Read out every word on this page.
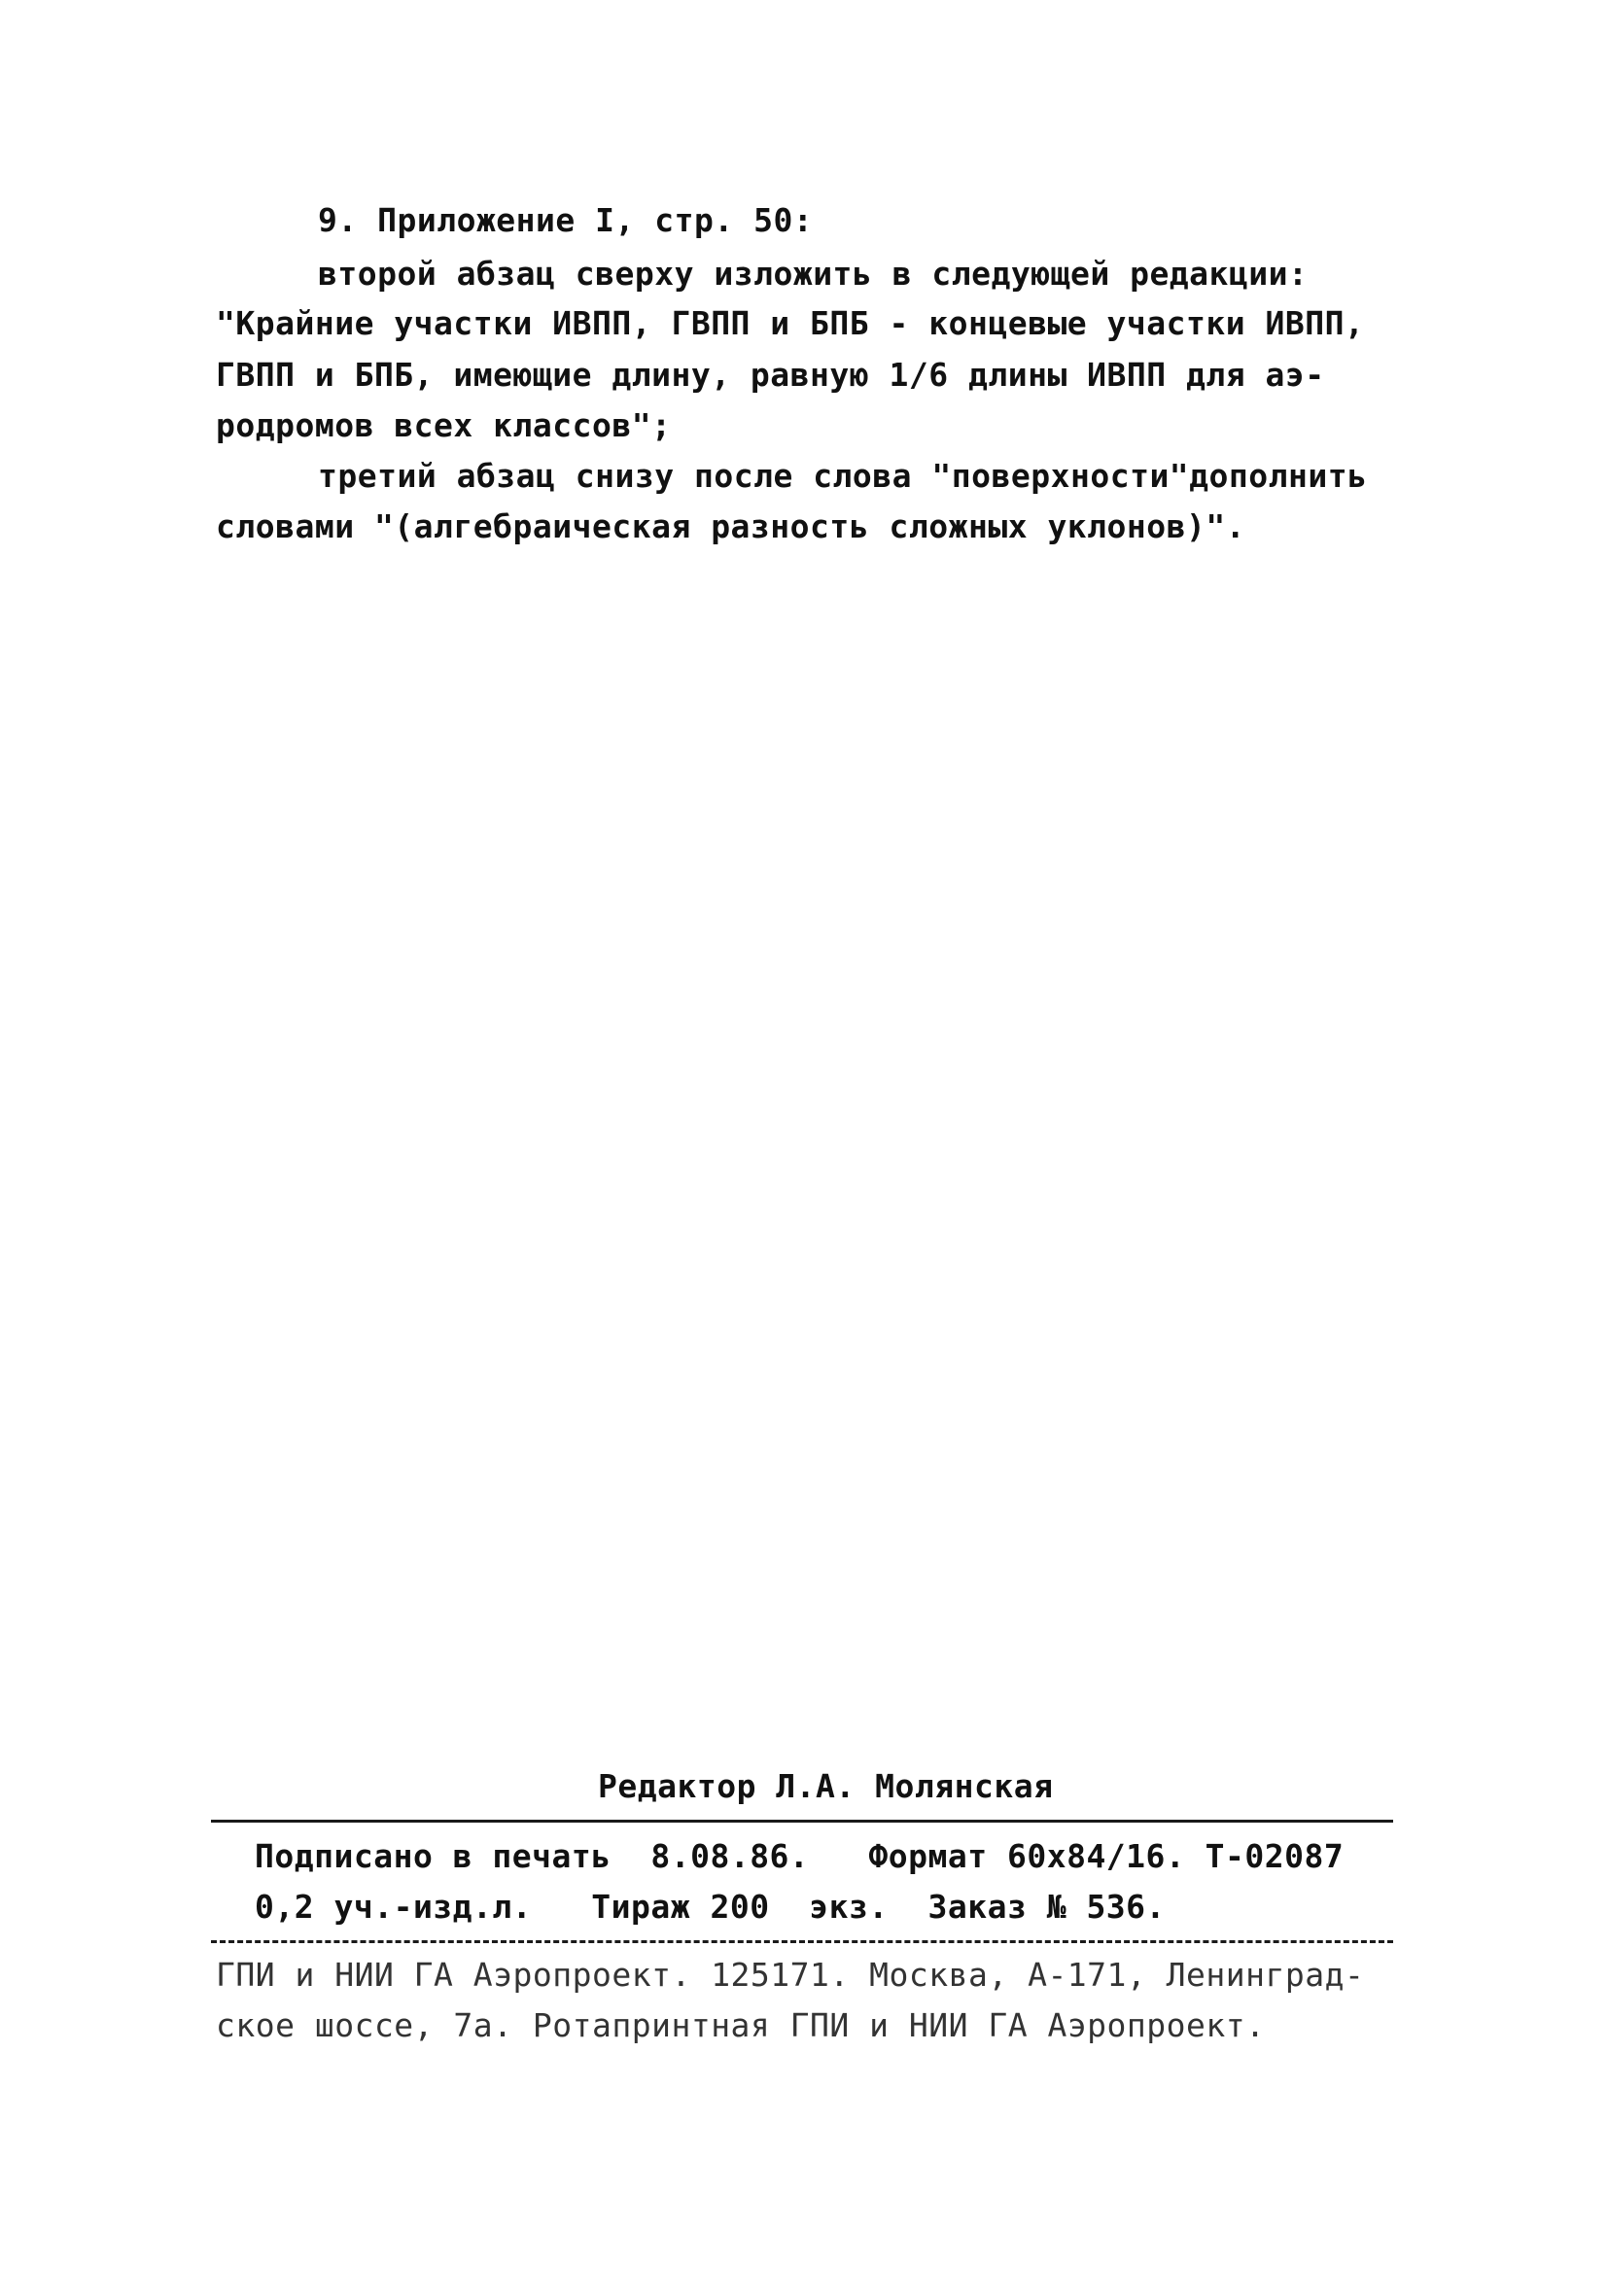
9. Приложение I, стр. 50:
второй абзац сверху изложить в следующей редакции:
"Крайние участки ИВПП, ГВПП и БПБ - концевые участки ИВПП,
ГВПП и БПБ, имеющие длину, равную 1/6 длины ИВПП для аэ-
родромов всех классов";
третий абзац снизу после слова "поверхности"дополнить
словами "(алгебраическая разность сложных уклонов)".
Редактор Л.А. Молянская
Подписано в печать  8.08.86.   Формат 60x84/16. Т-02087
0,2 уч.-изд.л.   Тираж 200  экз.  Заказ № 536.
ГПИ и НИИ ГА Аэропроект. 125171. Москва, А-171, Ленинград-
ское шоссе, 7а. Ротапринтная ГПИ и НИИ ГА Аэропроект.
